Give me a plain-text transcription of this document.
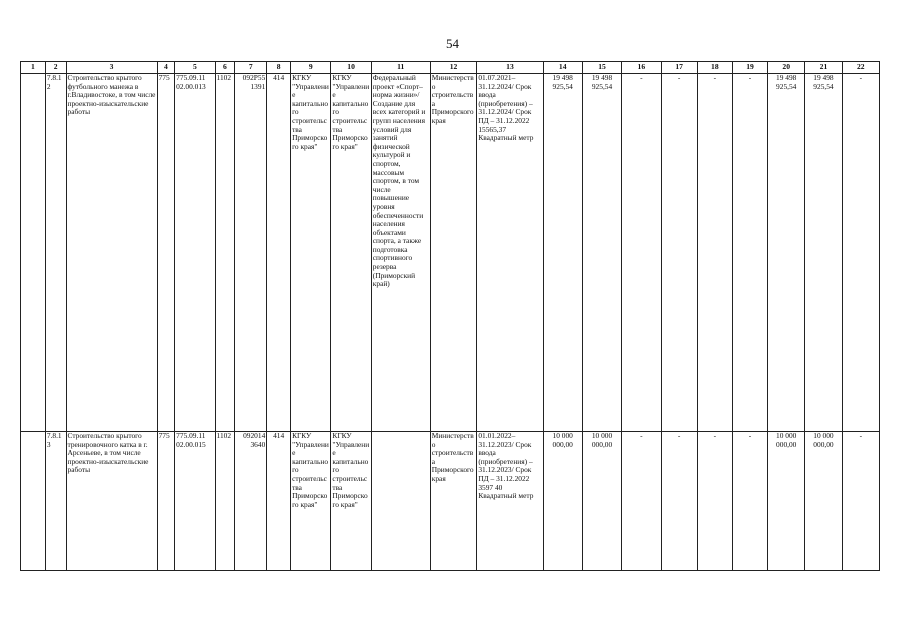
54
1	2	3	4	5	6	7	8	9	10	11	12	13	14	15	16	17	18	19	20	21	22
	7.8.12	Строительство крытого футбольного манежа в г.Владивостоке, в том числе проектно-изыскательские работы	775	775.09.11 02.00.013	1102	092P55 1391	414	КГКУ "Управление капитального строительства Приморского края"	КГКУ "Управление капитального строительства Приморского края"	Федеральный проект «Спорт–норма жизни»/ Создание для всех категорий и групп населения условий для занятий физической культурой и спортом, массовым спортом, в том числе повышение уровня обеспеченности населения объектами спорта, а также подготовка спортивного резерва (Приморский край)	Министерство строительства Приморского края	01.07.2021–31.12.2024/ Срок ввода (приобретения) – 31.12.2024/ Срок ПД – 31.12.2022 15565,37 Квадратный метр	19 498 925,54	19 498 925,54	-	-	-	-	19 498 925,54	19 498 925,54	-
	7.8.13	Строительство крытого тренировочного катка в г. Арсеньеве, в том числе проектно-изыскательские работы	775	775.09.11 02.00.015	1102	092014 3640	414	КГКУ "Управление капитального строительства Приморского края"	КГКУ "Управление капитального строительства Приморского края"		Министерство строительства Приморского края	01.01.2022–31.12.2023/ Срок ввода (приобретения) – 31.12.2023/ Срок ПД – 31.12.2022 3597 40 Квадратный метр	10 000 000,00	10 000 000,00	-	-	-	-	10 000 000,00	10 000 000,00	-
